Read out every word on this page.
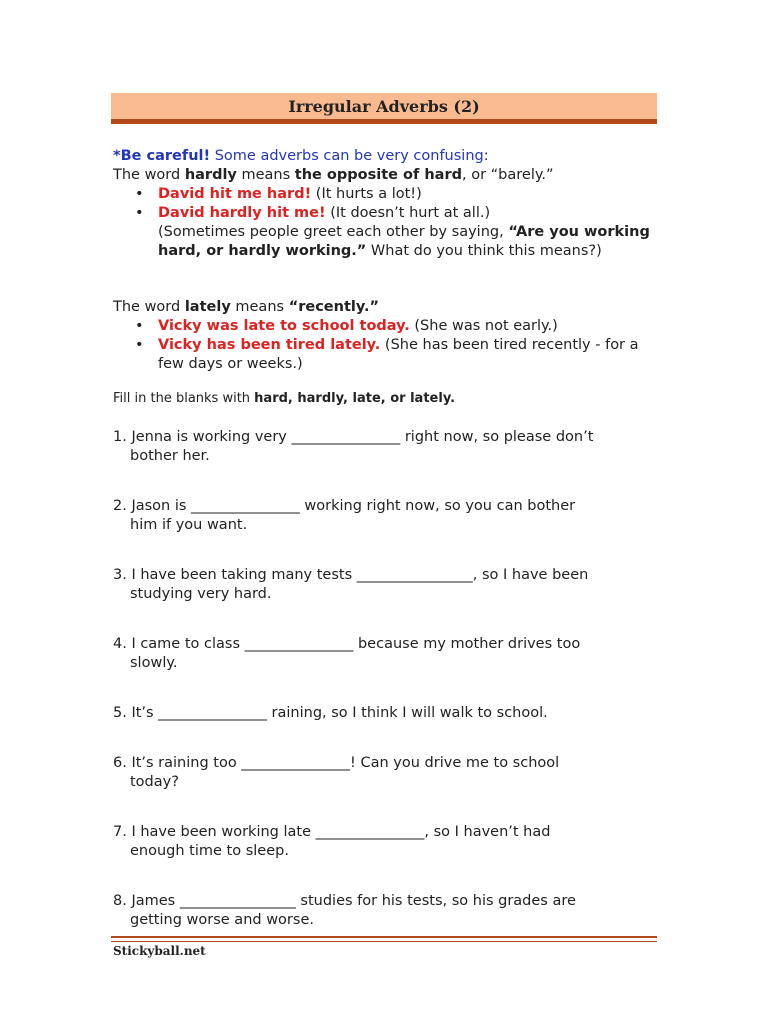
Irregular Adverbs (2)
*Be careful! Some adverbs can be very confusing:
The word hardly means the opposite of hard, or “barely.”
• David hit me hard! (It hurts a lot!)
• David hardly hit me! (It doesn’t hurt at all.)
(Sometimes people greet each other by saying, “Are you working hard, or hardly working.” What do you think this means?)
The word lately means “recently.”
• Vicky was late to school today. (She was not early.)
• Vicky has been tired lately. (She has been tired recently - for a few days or weeks.)
Fill in the blanks with hard, hardly, late, or lately.
1. Jenna is working very _______________ right now, so please don’t
bother her.
2. Jason is _______________ working right now, so you can bother
him if you want.
3. I have been taking many tests ________________, so I have been
studying very hard.
4. I came to class _______________ because my mother drives too
slowly.
5. It’s _______________ raining, so I think I will walk to school.
6. It’s raining too _______________! Can you drive me to school
today?
7. I have been working late _______________, so I haven’t had
enough time to sleep.
8. James ________________ studies for his tests, so his grades are
getting worse and worse.
Stickyball.net
